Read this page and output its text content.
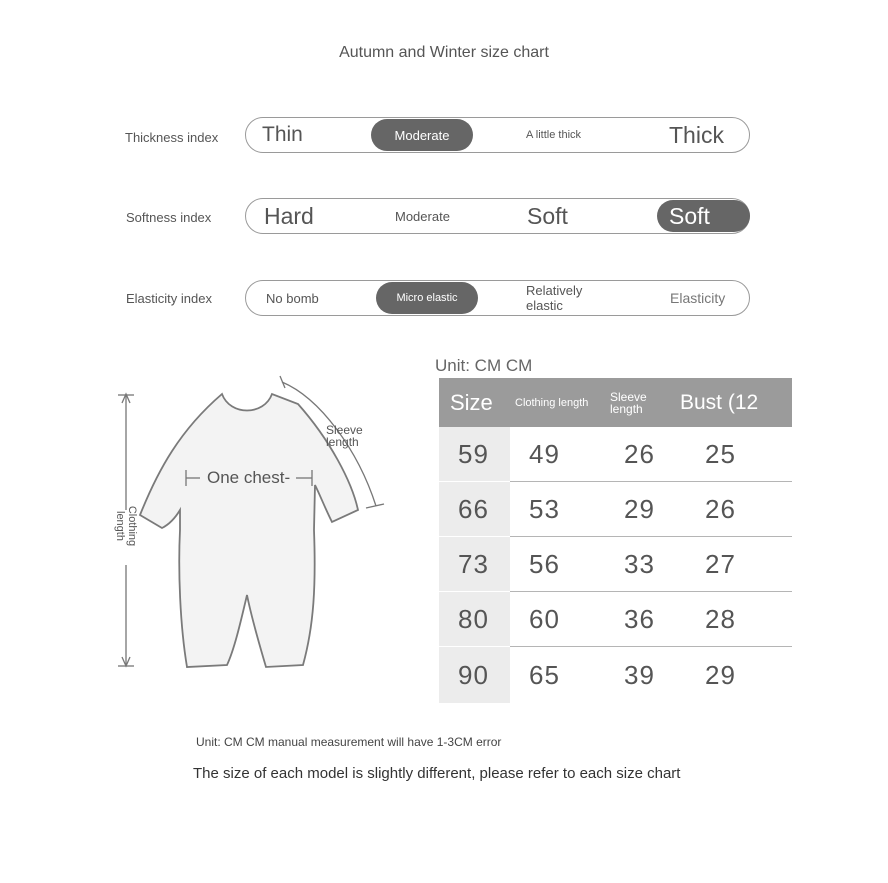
Autumn and Winter size chart
Thickness index Thin	Moderate	A little thick	Thick
Softness index Hard	Moderate	Soft	Soft
Elasticity index	No bomb	Micro elastic	Relatively elastic	Elasticity
Sleeve length
One chest-
Clothing length
Unit: CM CM
Size	Clothing length	Sleeve length	Bust (12
59	49	26	25
66	53	29	26
73	56	33	27
80	60	36	28
90	65	39	29
Unit: CM CM manual measurement will have 1-3CM error
The size of each model is slightly different, please refer to each size chart
